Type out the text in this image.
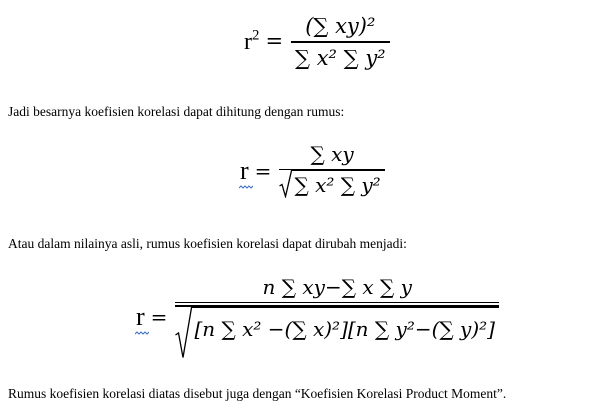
$r^2 = \frac{\text{(∑ xy)²}}{\text{∑ x² ∑ y²}}$
Jadi besarnya koefisien korelasi dapat dihitung dengan rumus:
$r = \frac{\sum xy}{\text{∑ x² ∑ y²}}$
Atau dalam nilainya asli, rumus koefisien korelasi dapat dirubah menjadi:
r =
n ∑ xy−∑ x ∑ y
[n ∑ x² −(∑ x)²][n ∑ y²−(∑ y)²]
Rumus koefisien korelasi diatas disebut juga dengan “Koefisien Korelasi Product Moment”.
